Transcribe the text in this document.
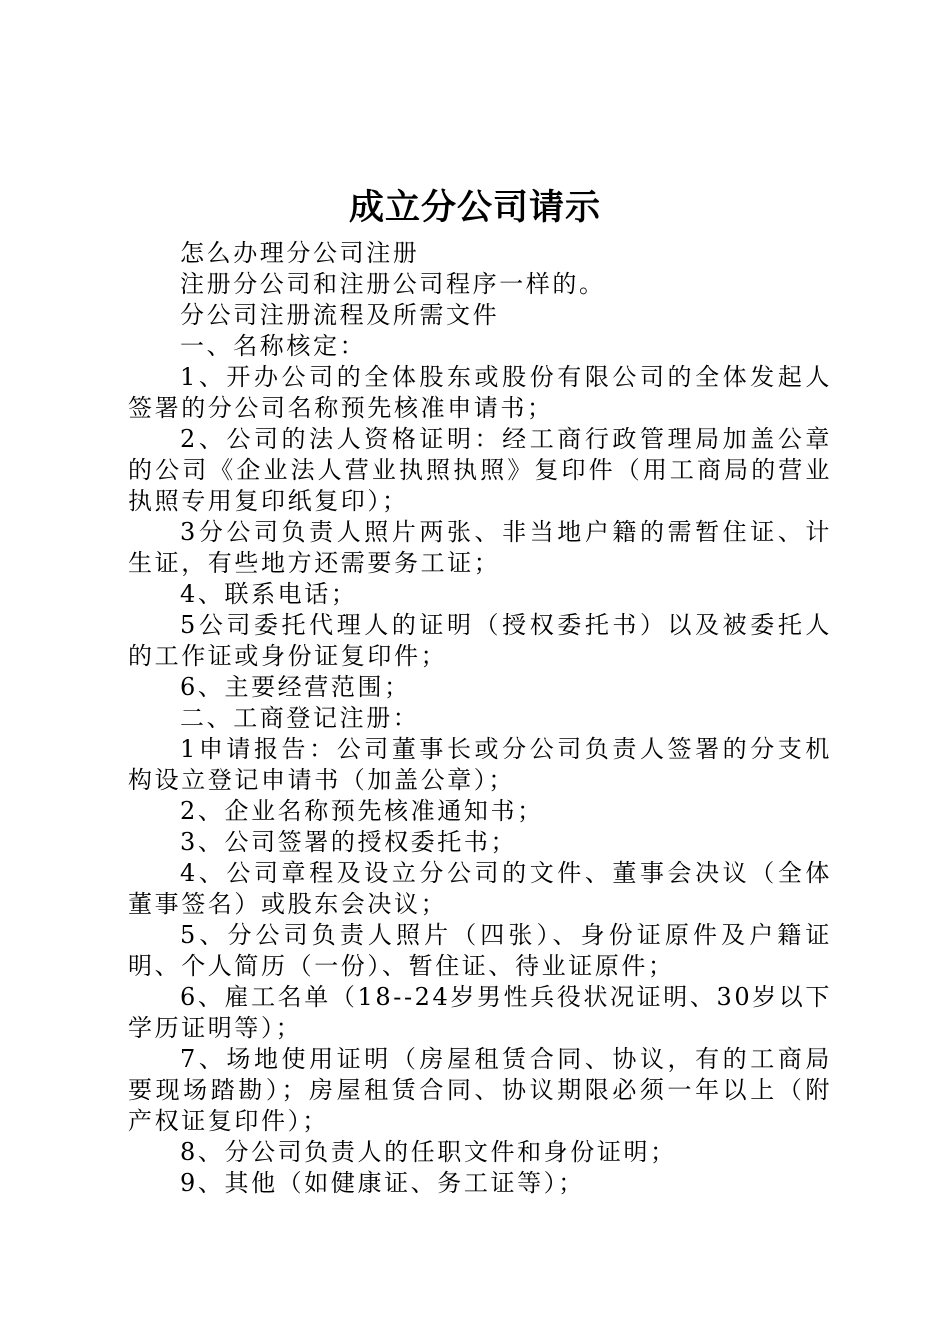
成立分公司请示

怎么办理分公司注册

注册分公司和注册公司程序一样的。

分公司注册流程及所需文件

一、名称核定：

1、开办公司的全体股东或股份有限公司的全体发起人签署的分公司名称预先核准申请书；

2、公司的法人资格证明：经工商行政管理局加盖公章的公司《企业法人营业执照执照》复印件（用工商局的营业执照专用复印纸复印）；

3分公司负责人照片两张、非当地户籍的需暂住证、计生证，有些地方还需要务工证；

4、联系电话；

5公司委托代理人的证明（授权委托书）以及被委托人的工作证或身份证复印件；

6、主要经营范围；

二、工商登记注册：

1申请报告：公司董事长或分公司负责人签署的分支机构设立登记申请书（加盖公章）；

2、企业名称预先核准通知书；

3、公司签署的授权委托书；

4、公司章程及设立分公司的文件、董事会决议（全体董事签名）或股东会决议；

5、分公司负责人照片（四张）、身份证原件及户籍证明、个人简历（一份）、暂住证、待业证原件；

6、雇工名单（18--24岁男性兵役状况证明、30岁以下学历证明等）；

7、场地使用证明（房屋租赁合同、协议，有的工商局要现场踏勘）；房屋租赁合同、协议期限必须一年以上（附产权证复印件）；

8、分公司负责人的任职文件和身份证明；

9、其他（如健康证、务工证等）；
